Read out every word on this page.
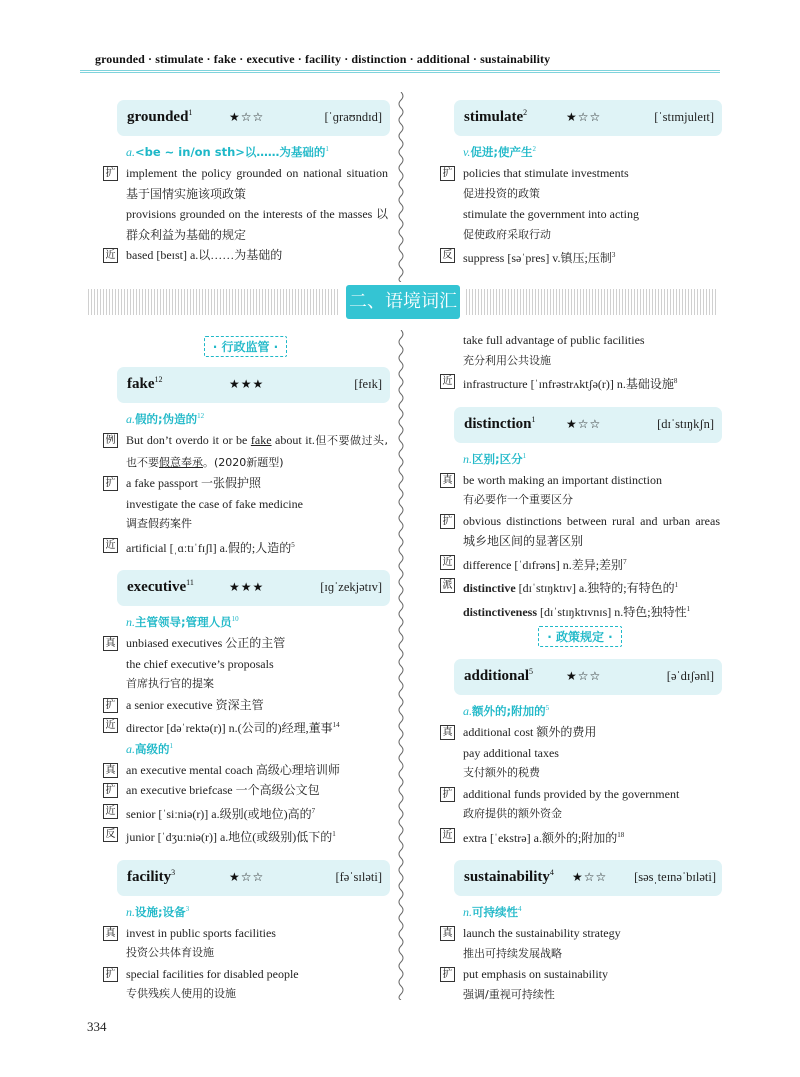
grounded · stimulate · fake · executive · facility · distinction · additional · sustainability
grounded$^1$	★☆☆	[ˈɡraʊndɪd]
a.<be ~ in/on sth>以……为基础的$^1$
扩 implement the policy grounded on national situation 基于国情实施该项政策
provisions grounded on the interests of the masses 以群众利益为基础的规定
近 based [beɪst] a.以……为基础的
stimulate$^2$	★☆☆	[ˈstɪmjuleɪt]
v.促进;使产生$^2$
扩 policies that stimulate investments
促进投资的政策
stimulate the government into acting
促使政府采取行动
反 suppress [səˈpres] v.镇压;压制$^3$
二、语境词汇
· 行政监管 ·
fake$^{12}$	★★★	[feɪk]
a.假的;伪造的$^{12}$
例 But don’t overdo it or be fake about it.但不要做过头,也不要假意奉承。(2020新题型)
扩 a fake passport 一张假护照
investigate the case of fake medicine
调查假药案件
近 artificial [ˌɑːtɪˈfɪʃl] a.假的;人造的$^5$
executive$^{11}$	★★★	[ɪɡˈzekjətɪv]
n.主管领导;管理人员$^{10}$
真 unbiased executives 公正的主管
the chief executive’s proposals
首席执行官的提案
扩 a senior executive 资深主管
近 director [dəˈrektə(r)] n.(公司的)经理,董事$^{14}$
a.高级的$^1$
真 an executive mental coach 高级心理培训师
扩 an executive briefcase 一个高级公文包
近 senior [ˈsiːniə(r)] a.级别(或地位)高的$^7$
反 junior [ˈdʒuːniə(r)] a.地位(或级别)低下的$^1$
facility$^3$	★☆☆	[fəˈsɪləti]
n.设施;设备$^3$
真 invest in public sports facilities
投资公共体育设施
扩 special facilities for disabled people
专供残疾人使用的设施
take full advantage of public facilities
充分利用公共设施
近 infrastructure [ˈɪnfrəstrʌktʃə(r)] n.基础设施$^8$
distinction$^1$	★☆☆	[dɪˈstɪŋkʃn]
n.区别;区分$^1$
真 be worth making an important distinction
有必要作一个重要区分
扩 obvious distinctions between rural and urban areas 城乡地区间的显著区别
近 difference [ˈdɪfrəns] n.差异;差别$^7$
派 distinctive [dɪˈstɪŋktɪv] a.独特的;有特色的$^1$
distinctiveness [dɪˈstɪŋktɪvnɪs] n.特色;独特性$^1$
· 政策规定 ·
additional$^5$	★☆☆	[əˈdɪʃənl]
a.额外的;附加的$^5$
真 additional cost 额外的费用
pay additional taxes
支付额外的税费
扩 additional funds provided by the government
政府提供的额外资金
近 extra [ˈekstrə] a.额外的;附加的$^{18}$
sustainability$^4$ ★☆☆ [səsˌteɪnəˈbɪləti]
n.可持续性$^4$
真 launch the sustainability strategy
推出可持续发展战略
扩 put emphasis on sustainability
强调/重视可持续性
334
